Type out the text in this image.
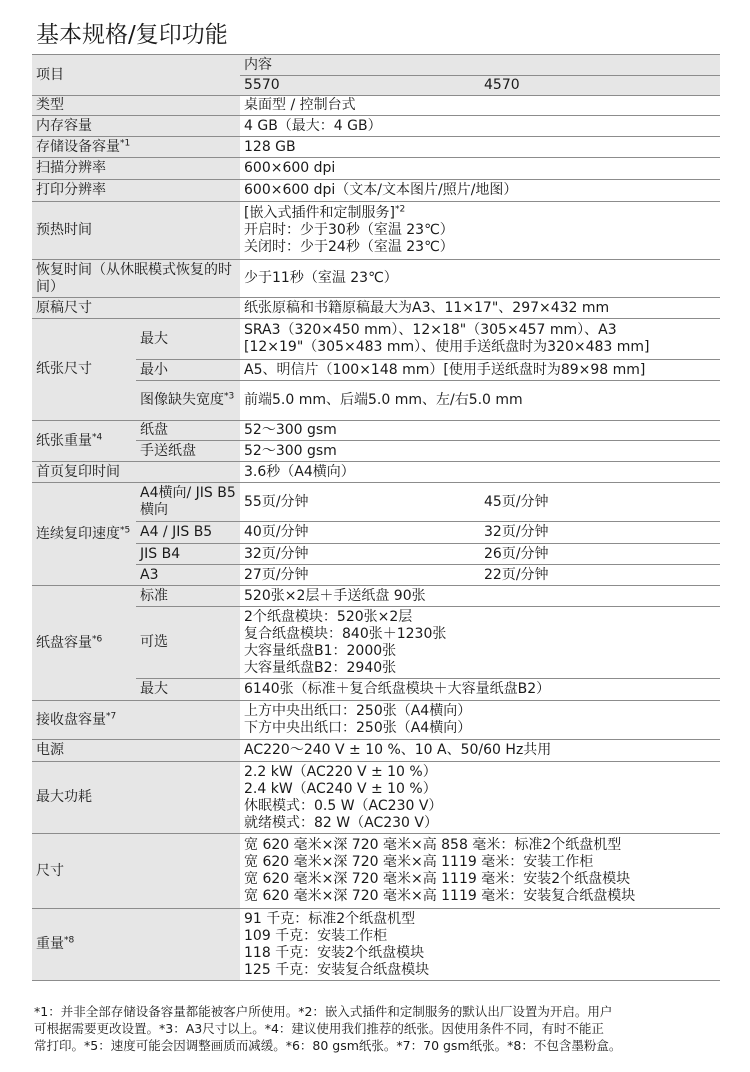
基本规格/复印功能
项目		内容	
		5570	4570
类型		桌面型 / 控制台式	
内存容量		4 GB（最大：4 GB）	
存储设备容量$^{*1}$		128 GB	
扫描分辨率		600×600 dpi	
打印分辨率		600×600 dpi（文本/文本图片/照片/地图）	
预热时间		[嵌入式插件和定制服务]$^{*2}$
开启时：少于30秒（室温 23℃）
关闭时：少于24秒（室温 23℃）	

恢复时间（从休眠模式恢复的时间）		少于11秒（室温 23℃）	
原稿尺寸		纸张原稿和书籍原稿最大为A3、11×17"、297×432 mm	
纸张尺寸	最大	SRA3（320×450 mm）、12×18"（305×457 mm）、A3
[12×19"（305×483 mm）、使用手送纸盘时为320×483 mm]	

	最小	A5、明信片（100×148 mm）[使用手送纸盘时为89×98 mm]	
	图像缺失宽度$^{*3}$	前端5.0 mm、后端5.0 mm、左/右5.0 mm	
纸张重量$^{*4}$	纸盘	52～300 gsm	
	手送纸盘	52～300 gsm	
首页复印时间		3.6秒（A4横向）	
连续复印速度$^{*5}$	A4横向/ JIS B5横向	55页/分钟	45页/分钟
	A4 / JIS B5	40页/分钟	32页/分钟
	JIS B4	32页/分钟	26页/分钟
	A3	27页/分钟	22页/分钟
纸盘容量$^{*6}$	标准	520张×2层＋手送纸盘 90张	
	可选	2个纸盘模块：520张×2层
复合纸盘模块：840张＋1230张
大容量纸盘B1：2000张
大容量纸盘B2：2940张	

	最大	6140张（标准＋复合纸盘模块＋大容量纸盘B2）	
接收盘容量$^{*7}$		上方中央出纸口：250张（A4横向）
下方中央出纸口：250张（A4横向）	

电源		AC220～240 V ± 10 %、10 A、50/60 Hz共用	
最大功耗		2.2 kW（AC220 V ± 10 %）
2.4 kW（AC240 V ± 10 %）
休眠模式：0.5 W（AC230 V）
就绪模式：82 W（AC230 V）	

尺寸		宽 620 毫米×深 720 毫米×高 858 毫米：标准2个纸盘机型
宽 620 毫米×深 720 毫米×高 1119 毫米：安装工作柜
宽 620 毫米×深 720 毫米×高 1119 毫米：安装2个纸盘模块
宽 620 毫米×深 720 毫米×高 1119 毫米：安装复合纸盘模块	

重量$^{*8}$		91 千克：标准2个纸盘机型
109 千克：安装工作柜
118 千克：安装2个纸盘模块
125 千克：安装复合纸盘模块	
*1：并非全部存储设备容量都能被客户所使用。*2：嵌入式插件和定制服务的默认出厂设置为开启。用户
可根据需要更改设置。*3：A3尺寸以上。*4：建议使用我们推荐的纸张。因使用条件不同，有时不能正
常打印。*5：速度可能会因调整画质而减缓。*6：80 gsm纸张。*7：70 gsm纸张。*8：不包含墨粉盒。
